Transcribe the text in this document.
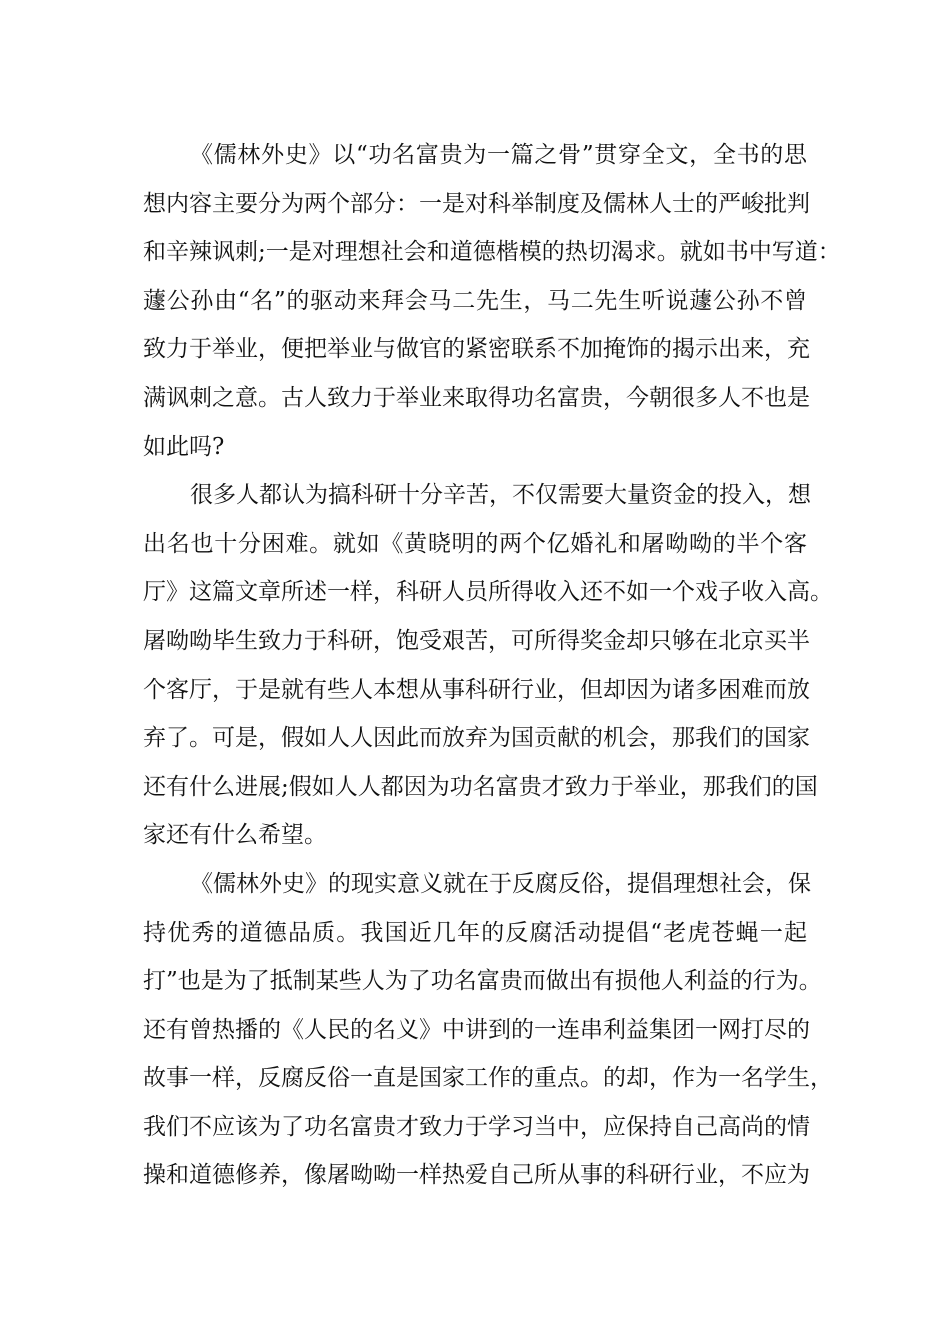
《儒林外史》以“功名富贵为一篇之骨”贯穿全文，全书的思
想内容主要分为两个部分：一是对科举制度及儒林人士的严峻批判
和辛辣讽刺;一是对理想社会和道德楷模的热切渴求。就如书中写道：
蘧公孙由“名”的驱动来拜会马二先生，马二先生听说蘧公孙不曾
致力于举业，便把举业与做官的紧密联系不加掩饰的揭示出来，充
满讽刺之意。古人致力于举业来取得功名富贵，今朝很多人不也是
如此吗?
很多人都认为搞科研十分辛苦，不仅需要大量资金的投入，想
出名也十分困难。就如《黄晓明的两个亿婚礼和屠呦呦的半个客
厅》这篇文章所述一样，科研人员所得收入还不如一个戏子收入高。
屠呦呦毕生致力于科研，饱受艰苦，可所得奖金却只够在北京买半
个客厅，于是就有些人本想从事科研行业，但却因为诸多困难而放
弃了。可是，假如人人因此而放弃为国贡献的机会，那我们的国家
还有什么进展;假如人人都因为功名富贵才致力于举业，那我们的国
家还有什么希望。
《儒林外史》的现实意义就在于反腐反俗，提倡理想社会，保
持优秀的道德品质。我国近几年的反腐活动提倡“老虎苍蝇一起
打”也是为了抵制某些人为了功名富贵而做出有损他人利益的行为。
还有曾热播的《人民的名义》中讲到的一连串利益集团一网打尽的
故事一样，反腐反俗一直是国家工作的重点。的却，作为一名学生，
我们不应该为了功名富贵才致力于学习当中，应保持自己高尚的情
操和道德修养，像屠呦呦一样热爱自己所从事的科研行业，不应为
